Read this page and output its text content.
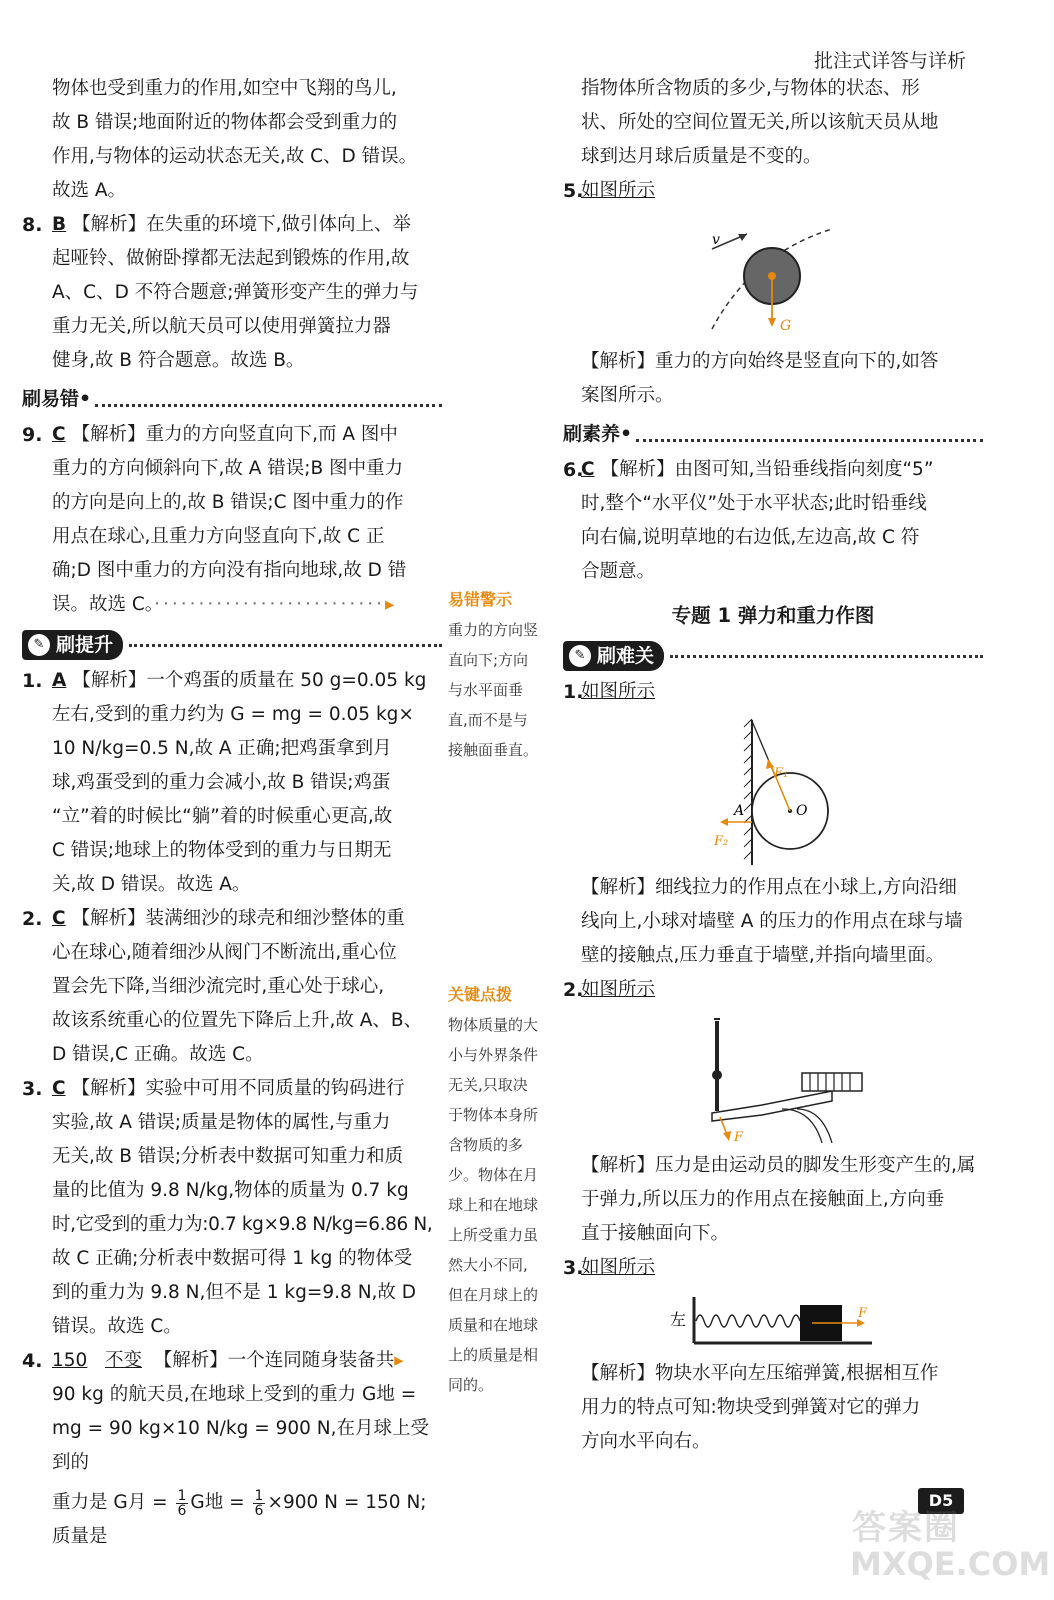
批注式详答与详析

物体也受到重力的作用,如空中飞翔的鸟儿,

故 B 错误;地面附近的物体都会受到重力的

作用,与物体的运动状态无关,故 C、D 错误。

故选 A。

8. B 【解析】在失重的环境下,做引体向上、举

起哑铃、做俯卧撑都无法起到锻炼的作用,故

A、C、D 不符合题意;弹簧形变产生的弹力与

重力无关,所以航天员可以使用弹簧拉力器

健身,故 B 符合题意。故选 B。

刷易错•
9. C 【解析】重力的方向竖直向下,而 A 图中

重力的方向倾斜向下,故 A 错误;B 图中重力

的方向是向上的,故 B 错误;C 图中重力的作

用点在球心,且重力方向竖直向下,故 C 正

确;D 图中重力的方向没有指向地球,故 D 错

误。故选 C。··························▸

✎ 刷提升
1. A 【解析】一个鸡蛋的质量在 50 g=0.05 kg

左右,受到的重力约为 G = mg = 0.05 kg×

10 N/kg=0.5 N,故 A 正确;把鸡蛋拿到月

球,鸡蛋受到的重力会减小,故 B 错误;鸡蛋

“立”着的时候比“躺”着的时候重心更高,故

C 错误;地球上的物体受到的重力与日期无

关,故 D 错误。故选 A。

2. C 【解析】装满细沙的球壳和细沙整体的重

心在球心,随着细沙从阀门不断流出,重心位

置会先下降,当细沙流完时,重心处于球心,

故该系统重心的位置先下降后上升,故 A、B、

D 错误,C 正确。故选 C。

3. C 【解析】实验中可用不同质量的钩码进行

实验,故 A 错误;质量是物体的属性,与重力

无关,故 B 错误;分析表中数据可知重力和质

量的比值为 9.8 N/kg,物体的质量为 0.7 kg

时,它受到的重力为:0.7 kg×9.8 N/kg=6.86 N,

故 C 正确;分析表中数据可得 1 kg 的物体受

到的重力为 9.8 N,但不是 1 kg=9.8 N,故 D

错误。故选 C。

4. 150 不变 【解析】一个连同随身装备共▸

90 kg 的航天员,在地球上受到的重力 G地 =

mg = 90 kg×10 N/kg = 900 N,在月球上受到的

重力是 G月 = $\frac{1}{6}$ G地 = $\frac{1}{6} \times 900$ N = 150 N;质量是

易错警示
重力的方向竖
直向下;方向
与水平面垂
直,而不是与
接触面垂直。
关键点拨
物体质量的大
小与外界条件
无关,只取决
于物体本身所
含物质的多
少。物体在月
球上和在地球
上所受重力虽
然大小不同,
但在月球上的
质量和在地球
上的质量是相
同的。

指物体所含物质的多少,与物体的状态、形

状、所处的空间位置无关,所以该航天员从地

球到达月球后质量是不变的。

5.

如图所示

v
G

【解析】重力的方向始终是竖直向下的,如答

案图所示。

刷素养•
6.

C 【解析】由图可知,当铅垂线指向刻度“5”

时,整个“水平仪”处于水平状态;此时铅垂线

向右偏,说明草地的右边低,左边高,故 C 符

合题意。

专题 1 弹力和重力作图
✎ 刷难关
1.

如图所示

F₁
A	O
F₂

【解析】细线拉力的作用点在小球上,方向沿细

线向上,小球对墙壁 A 的压力的作用点在球与墙

壁的接触点,压力垂直于墙壁,并指向墙里面。

2.

如图所示

F

【解析】压力是由运动员的脚发生形变产生的,属

于弹力,所以压力的作用点在接触面上,方向垂

直于接触面向下。

3.

如图所示

左	F

【解析】物块水平向左压缩弹簧,根据相互作

用力的特点可知:物块受到弹簧对它的弹力

方向水平向右。

D5
答案圈
MXQE.COM
